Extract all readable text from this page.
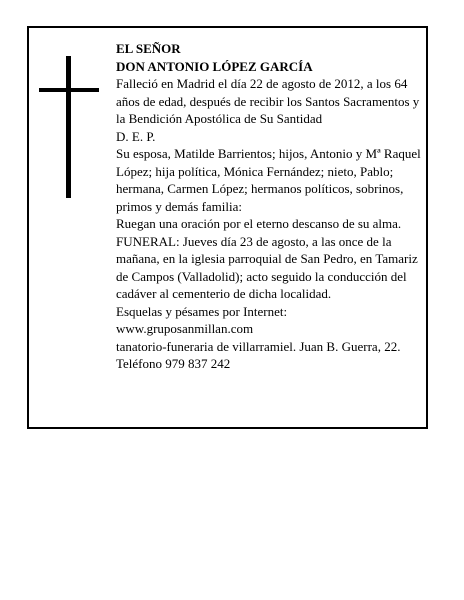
EL SEÑOR

DON ANTONIO LÓPEZ GARCÍA

Falleció en Madrid el día 22 de agosto de 2012, a los 64 años de edad, después de recibir los Santos Sacramentos y la Bendición Apostólica de Su Santidad

D. E. P.

Su esposa, Matilde Barrientos; hijos, Antonio y Mª Raquel López; hija política, Mónica Fernández; nieto, Pablo; hermana, Carmen López; hermanos políticos, sobrinos, primos y demás familia:

Ruegan una oración por el eterno descanso de su alma.

FUNERAL: Jueves día 23 de agosto, a las once de la mañana, en la iglesia parroquial de San Pedro, en Tamariz de Campos (Valladolid); acto seguido la conducción del cadáver al cementerio de dicha localidad.

Esquelas y pésames por Internet:

www.gruposanmillan.com

tanatorio-funeraria de villarramiel. Juan B. Guerra, 22.

Teléfono 979 837 242
